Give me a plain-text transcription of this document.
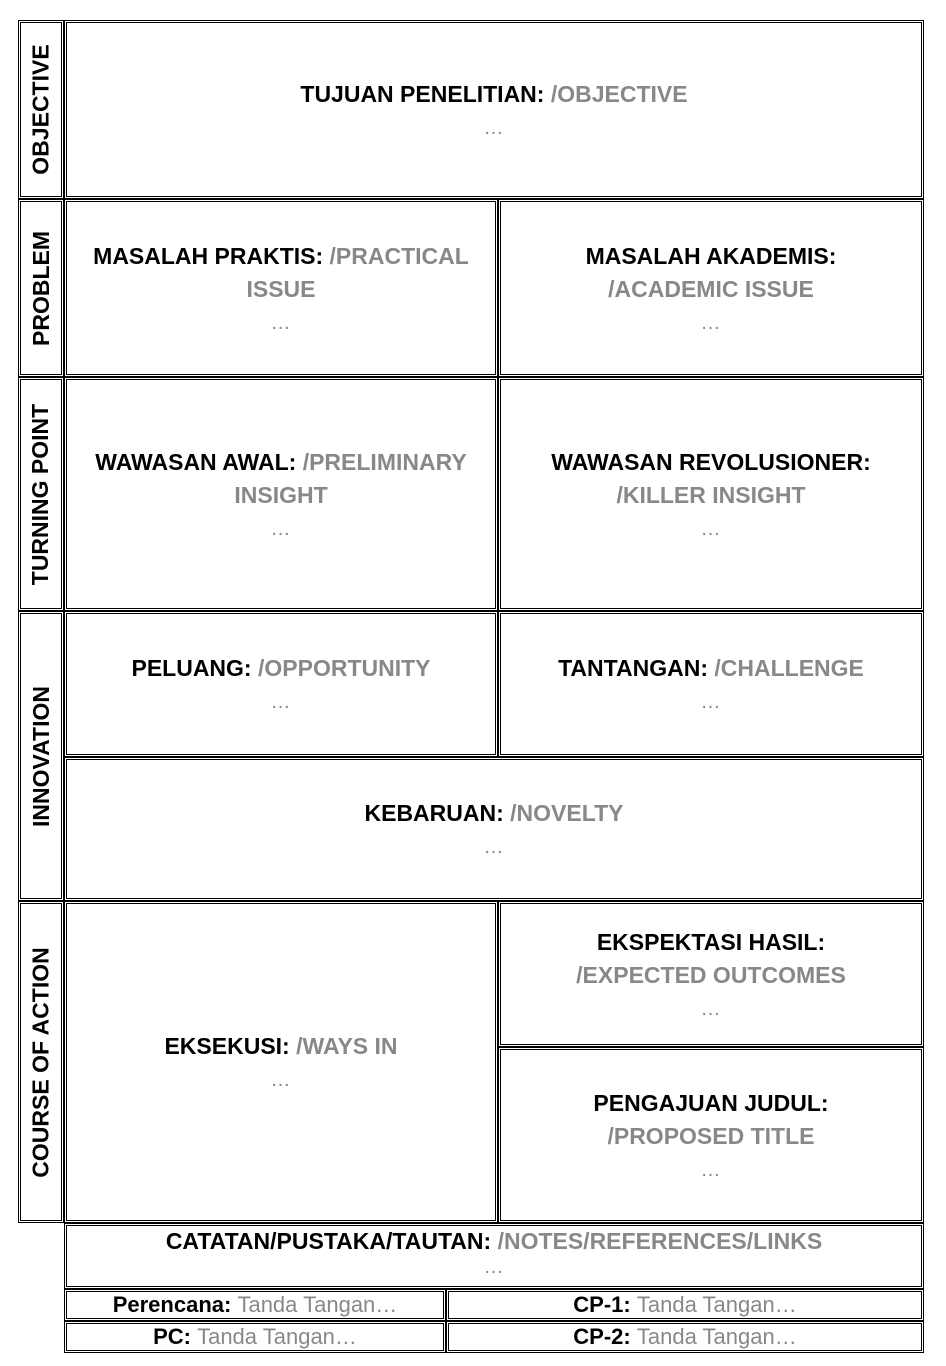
OBJECTIVE
PROBLEM
TURNING POINT
INNOVATION
COURSE OF ACTION
TUJUAN PENELITIAN: /OBJECTIVE
…
MASALAH PRAKTIS: /PRACTICAL ISSUE
…
MASALAH AKADEMIS:
/ACADEMIC ISSUE
…
WAWASAN AWAL: /PRELIMINARY INSIGHT
…
WAWASAN REVOLUSIONER:
/KILLER INSIGHT
…
PELUANG: /OPPORTUNITY
…
TANTANGAN: /CHALLENGE
…
KEBARUAN: /NOVELTY
…
EKSEKUSI: /WAYS IN
…
EKSPEKTASI HASIL:
/EXPECTED OUTCOMES
…
PENGAJUAN JUDUL:
/PROPOSED TITLE
…
CATATAN/PUSTAKA/TAUTAN: /NOTES/REFERENCES/LINKS
…
Perencana:
Tanda Tangan…	CP-1:
Tanda Tangan…
PC:
Tanda Tangan…	CP-2:
Tanda Tangan…
